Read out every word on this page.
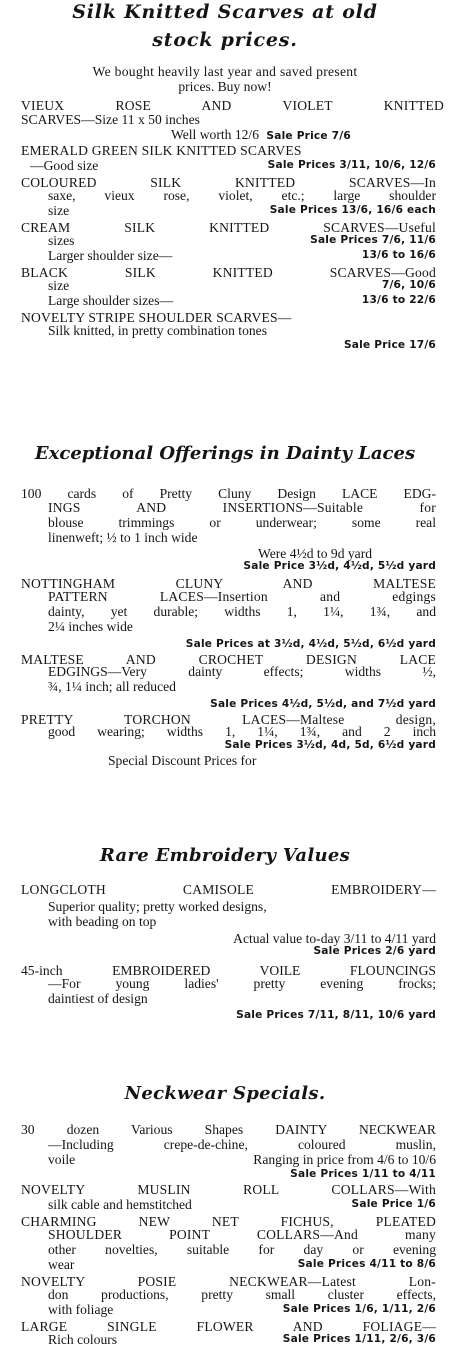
Silk Knitted Scarves at old
stock prices.
We bought heavily last year and saved present
prices. Buy now!
VIEUX ROSE AND VIOLET KNITTED
SCARVES—Size 11 x 50 inches
Well worth 12/6 Sale Price 7/6
EMERALD GREEN SILK KNITTED SCARVES
—Good size	Sale Prices 3/11, 10/6, 12/6
COLOURED SILK KNITTED SCARVES—In
saxe, vieux rose, violet, etc.; large shoulder
size	Sale Prices 13/6, 16/6 each
CREAM SILK KNITTED SCARVES—Useful
sizes	Sale Prices 7/6, 11/6
Larger shoulder size—	13/6 to 16/6
BLACK SILK KNITTED SCARVES—Good
size	7/6, 10/6
Large shoulder sizes—	13/6 to 22/6
NOVELTY STRIPE SHOULDER SCARVES—
Silk knitted, in pretty combination tones
Sale Price 17/6
Exceptional Offerings in Dainty Laces
100 cards of Pretty Cluny Design LACE EDG-
INGS AND INSERTIONS—Suitable for
blouse trimmings or underwear; some real
linenweft; ½ to 1 inch wide
Were 4½d to 9d yard
Sale Price 3½d, 4½d, 5½d yard
NOTTINGHAM CLUNY AND MALTESE
PATTERN LACES—Insertion and edgings
dainty, yet durable; widths 1, 1¼, 1¾, and
2¼ inches wide
Sale Prices at 3½d, 4½d, 5½d, 6½d yard
MALTESE AND CROCHET DESIGN LACE
EDGINGS—Very dainty effects; widths ½,
¾, 1¼ inch; all reduced
Sale Prices 4½d, 5½d, and 7½d yard
PRETTY TORCHON LACES—Maltese design,
good wearing; widths 1, 1¼, 1¾, and 2 inch
Sale Prices 3½d, 4d, 5d, 6½d yard
Special Discount Prices for
Rare Embroidery Values
LONGCLOTH CAMISOLE EMBROIDERY—
Superior quality; pretty worked designs,
with beading on top
Actual value to-day 3/11 to 4/11 yard
Sale Prices 2/6 yard
45-inch EMBROIDERED VOILE FLOUNCINGS
—For young ladies' pretty evening frocks;
daintiest of design
Sale Prices 7/11, 8/11, 10/6 yard
Neckwear Specials.
30 dozen Various Shapes DAINTY NECKWEAR
—Including crepe-de-chine, coloured muslin,
voile	Ranging in price from 4/6 to 10/6
Sale Prices 1/11 to 4/11
NOVELTY MUSLIN ROLL COLLARS—With
silk cable and hemstitched	Sale Price 1/6
CHARMING NEW NET FICHUS, PLEATED
SHOULDER POINT COLLARS—And many
other novelties, suitable for day or evening
wear	Sale Prices 4/11 to 8/6
NOVELTY POSIE NECKWEAR—Latest Lon-
don productions, pretty small cluster effects,
with foliage	Sale Prices 1/6, 1/11, 2/6
LARGE SINGLE FLOWER AND FOLIAGE—
Rich colours	Sale Prices 1/11, 2/6, 3/6
